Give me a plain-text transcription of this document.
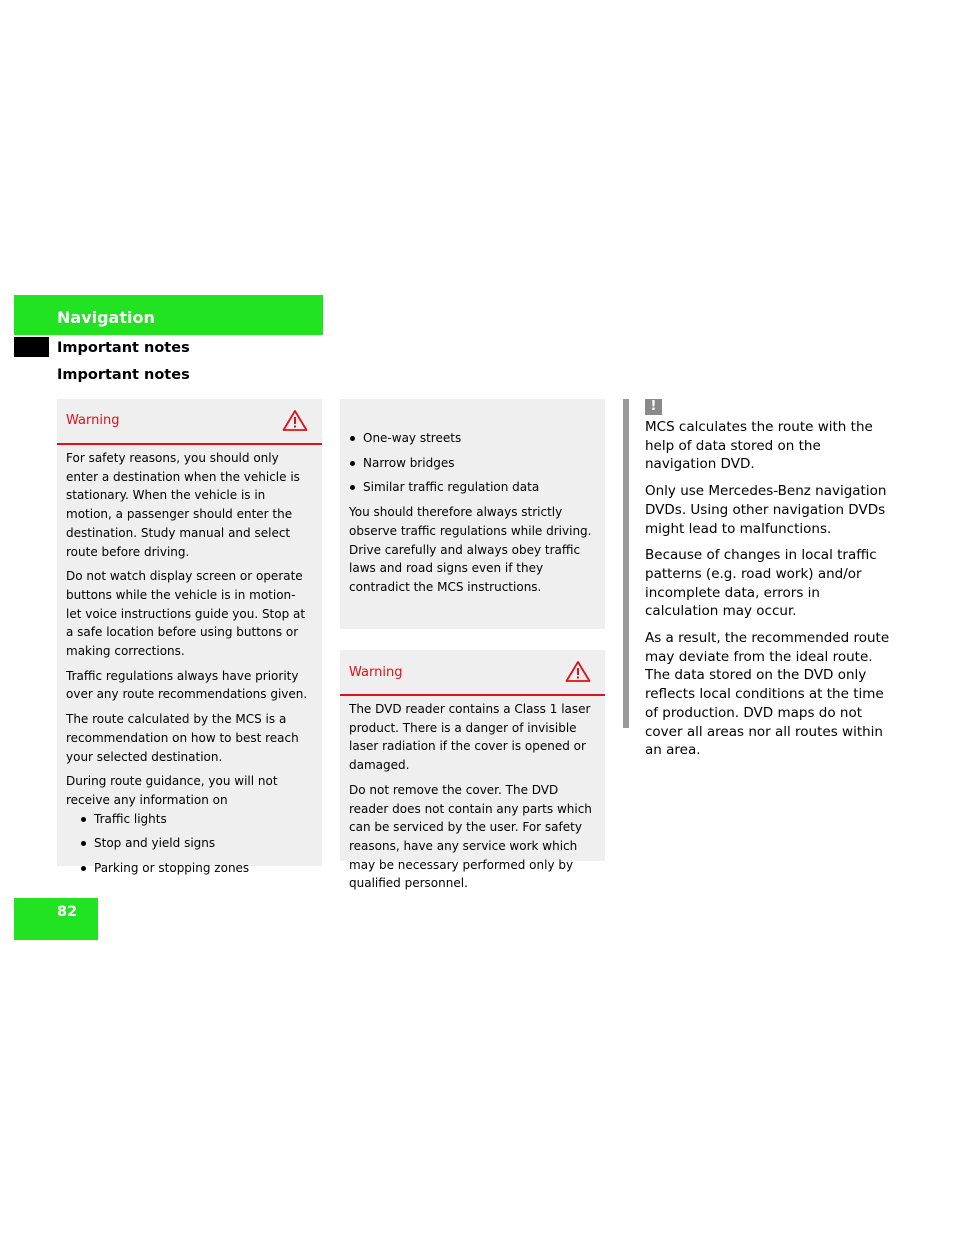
Navigation
Important notes
Important notes
Warning

For safety reasons, you should only enter a destination when the vehicle is stationary. When the vehicle is in motion, a passenger should enter the destination. Study manual and select route before driving.

Do not watch display screen or operate buttons while the vehicle is in motion- let voice instructions guide you. Stop at a safe location before using buttons or making corrections.

Traffic regulations always have priority over any route recommendations given.

The route calculated by the MCS is a recommendation on how to best reach your selected destination.

During route guidance, you will not receive any information on

Traffic lights
Stop and yield signs
Parking or stopping zones
One-way streets
Narrow bridges
Similar traffic regulation data

You should therefore always strictly observe traffic regulations while driving. Drive carefully and always obey traffic laws and road signs even if they contradict the MCS instructions.

Warning

The DVD reader contains a Class 1 laser product. There is a danger of invisible laser radiation if the cover is opened or damaged.

Do not remove the cover. The DVD reader does not contain any parts which can be serviced by the user. For safety reasons, have any service work which may be necessary performed only by qualified personnel.

!

MCS calculates the route with the help of data stored on the navigation DVD.

Only use Mercedes-Benz navigation DVDs. Using other navigation DVDs might lead to malfunctions.

Because of changes in local traffic patterns (e.g. road work) and/or incomplete data, errors in calculation may occur.

As a result, the recommended route may deviate from the ideal route. The data stored on the DVD only reflects local conditions at the time of production. DVD maps do not cover all areas nor all routes within an area.

82
